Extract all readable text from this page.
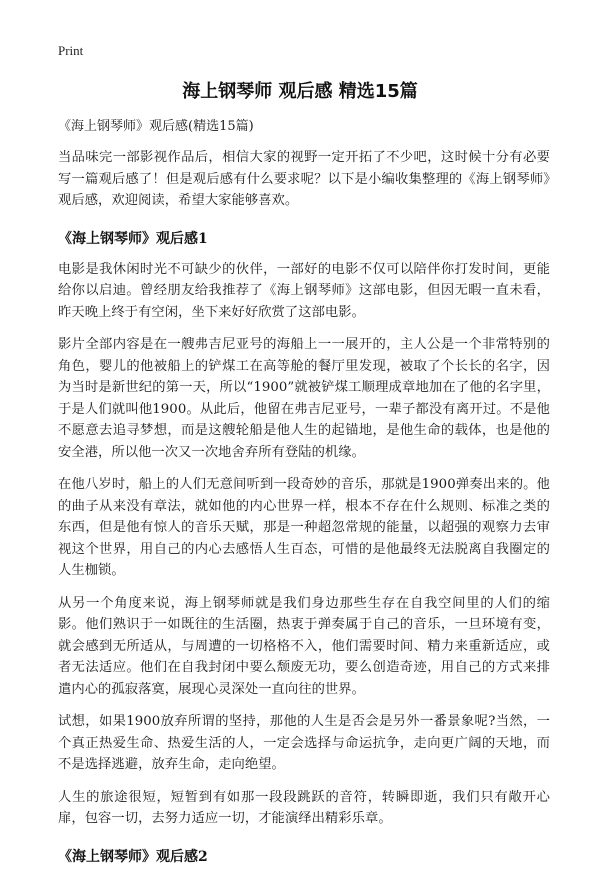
Print
海上钢琴师 观后感 精选15篇
《海上钢琴师》观后感(精选15篇)

当品味完一部影视作品后，相信大家的视野一定开拓了不少吧，这时候十分有必要写一篇观后感了！但是观后感有什么要求呢？以下是小编收集整理的《海上钢琴师》观后感，欢迎阅读，希望大家能够喜欢。

《海上钢琴师》观后感1

电影是我休闲时光不可缺少的伙伴，一部好的电影不仅可以陪伴你打发时间，更能给你以启迪。曾经朋友给我推荐了《海上钢琴师》这部电影，但因无暇一直未看，昨天晚上终于有空闲，坐下来好好欣赏了这部电影。

影片全部内容是在一艘弗吉尼亚号的海船上一一展开的，主人公是一个非常特别的角色，婴儿的他被船上的铲煤工在高等舱的餐厅里发现，被取了个长长的名字，因为当时是新世纪的第一天，所以“1900”就被铲煤工顺理成章地加在了他的名字里，于是人们就叫他1900。从此后，他留在弗吉尼亚号，一辈子都没有离开过。不是他不愿意去追寻梦想，而是这艘轮船是他人生的起锚地，是他生命的载体，也是他的安全港，所以他一次又一次地舍弃所有登陆的机缘。

在他八岁时，船上的人们无意间听到一段奇妙的音乐，那就是1900弹奏出来的。他的曲子从来没有章法，就如他的内心世界一样，根本不存在什么规则、标准之类的东西，但是他有惊人的音乐天赋，那是一种超忽常规的能量，以超强的观察力去审视这个世界，用自己的内心去感悟人生百态，可惜的是他最终无法脱离自我圈定的人生枷锁。

从另一个角度来说，海上钢琴师就是我们身边那些生存在自我空间里的人们的缩影。他们熟识于一如既往的生活圈，热衷于弹奏属于自己的音乐，一旦环境有变，就会感到无所适从，与周遭的一切格格不入，他们需要时间、精力来重新适应，或者无法适应。他们在自我封闭中要么颓废无功，要么创造奇迹，用自己的方式来排遣内心的孤寂落寞，展现心灵深处一直向往的世界。

试想，如果1900放弃所谓的坚持，那他的人生是否会是另外一番景象呢?当然，一个真正热爱生命、热爱生活的人，一定会选择与命运抗争，走向更广阔的天地，而不是选择逃避，放弃生命，走向绝望。

人生的旅途很短，短暂到有如那一段段跳跃的音符，转瞬即逝，我们只有敞开心扉，包容一切，去努力适应一切，才能演绎出精彩乐章。

《海上钢琴师》观后感2
